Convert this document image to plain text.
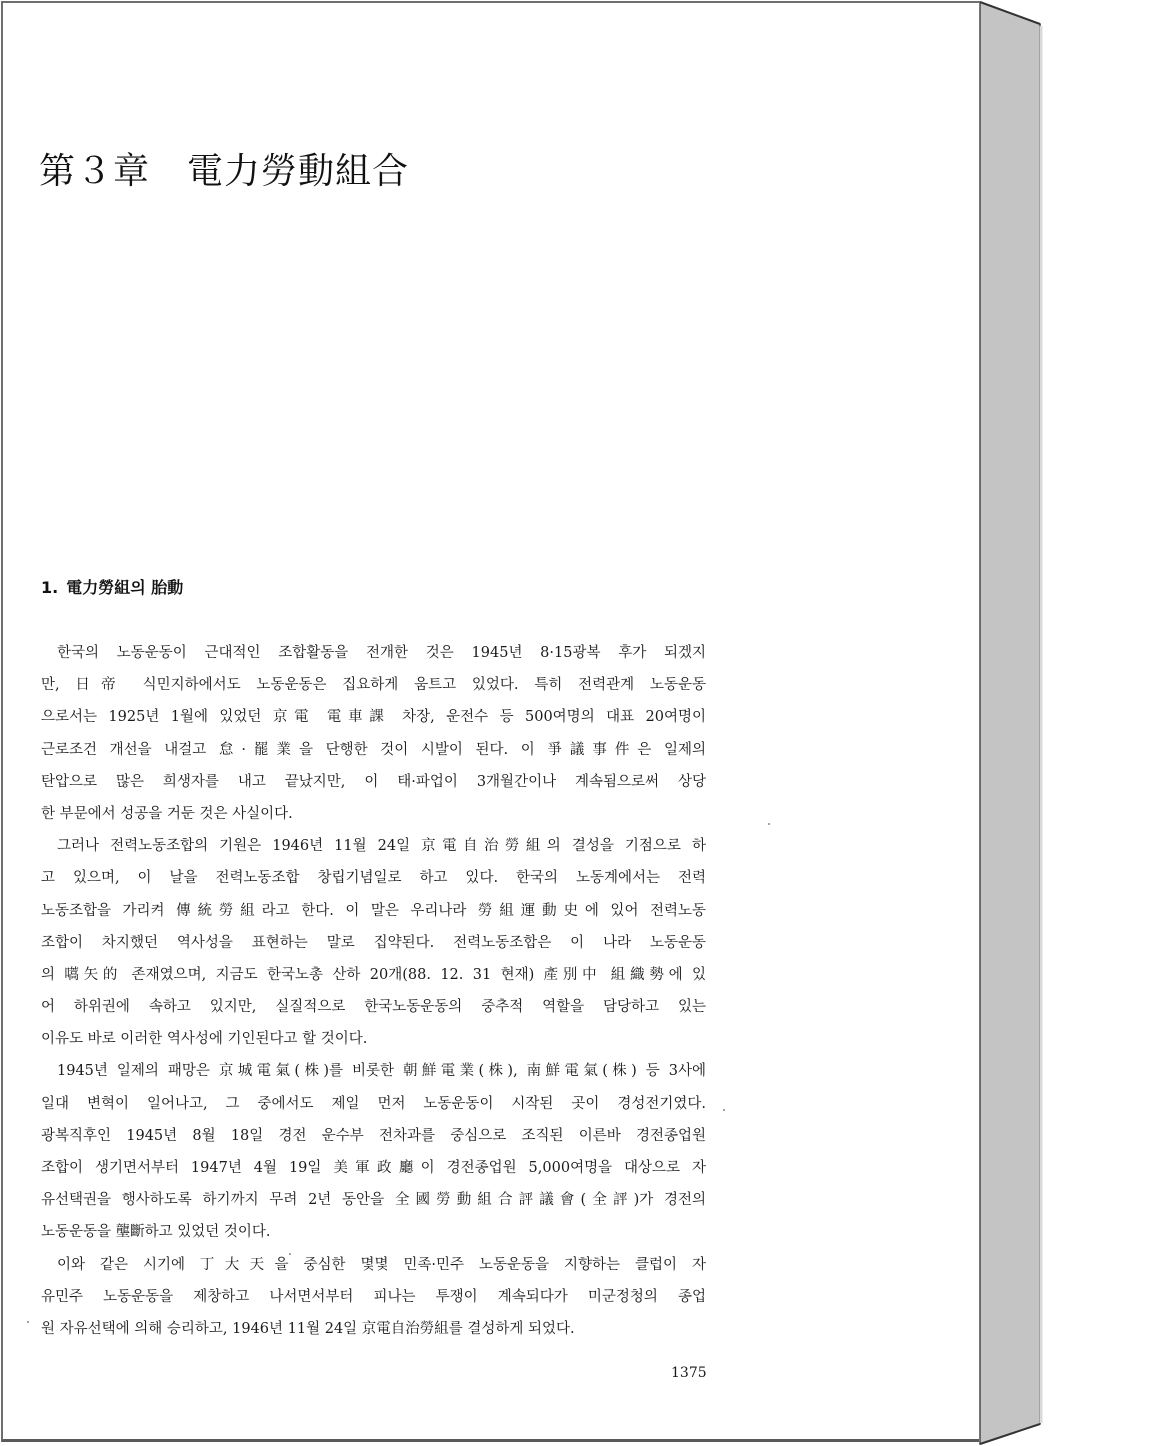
第３章　電力勞動組合
1. 電力勞組의 胎動
한국의 노동운동이 근대적인 조합활동을 전개한 것은 1945년 8·15광복 후가 되겠지
만, 日帝 식민지하에서도 노동운동은 집요하게 움트고 있었다. 특히 전력관계 노동운동
으로서는 1925년 1월에 있었던 京電 電車課 차장, 운전수 등 500여명의 대표 20여명이
근로조건 개선을 내걸고 怠·罷業을 단행한 것이 시발이 된다. 이 爭議事件은 일제의
탄압으로 많은 희생자를 내고 끝났지만, 이 태·파업이 3개월간이나 계속됨으로써 상당
한 부문에서 성공을 거둔 것은 사실이다.
그러나 전력노동조합의 기원은 1946년 11월 24일 京電自治勞組의 결성을 기점으로 하
고 있으며, 이 날을 전력노동조합 창립기념일로 하고 있다. 한국의 노동계에서는 전력
노동조합을 가리켜 傳統勞組라고 한다. 이 말은 우리나라 勞組運動史에 있어 전력노동
조합이 차지했던 역사성을 표현하는 말로 집약된다. 전력노동조합은 이 나라 노동운동
의 嚆矢的 존재였으며, 지금도 한국노총 산하 20개(88. 12. 31 현재) 產別中 組織勢에 있
어 하위권에 속하고 있지만, 실질적으로 한국노동운동의 중추적 역할을 담당하고 있는
이유도 바로 이러한 역사성에 기인된다고 할 것이다.
1945년 일제의 패망은 京城電氣(株)를 비롯한 朝鮮電業(株), 南鮮電氣(株) 등 3사에
일대 변혁이 일어나고, 그 중에서도 제일 먼저 노동운동이 시작된 곳이 경성전기였다.
광복직후인 1945년 8월 18일 경전 운수부 전차과를 중심으로 조직된 이른바 경전종업원
조합이 생기면서부터 1947년 4월 19일 美軍政廳이 경전종업원 5,000여명을 대상으로 자
유선택권을 행사하도록 하기까지 무려 2년 동안을 全國勞動組合評議會(全評)가 경전의
노동운동을 壟斷하고 있었던 것이다.
이와 같은 시기에 丁大天을 중심한 몇몇 민족·민주 노동운동을 지향하는 클럽이 자
유민주 노동운동을 제창하고 나서면서부터 피나는 투쟁이 계속되다가 미군정청의 종업
원 자유선택에 의해 승리하고, 1946년 11월 24일 京電自治勞組를 결성하게 되었다.
1375
